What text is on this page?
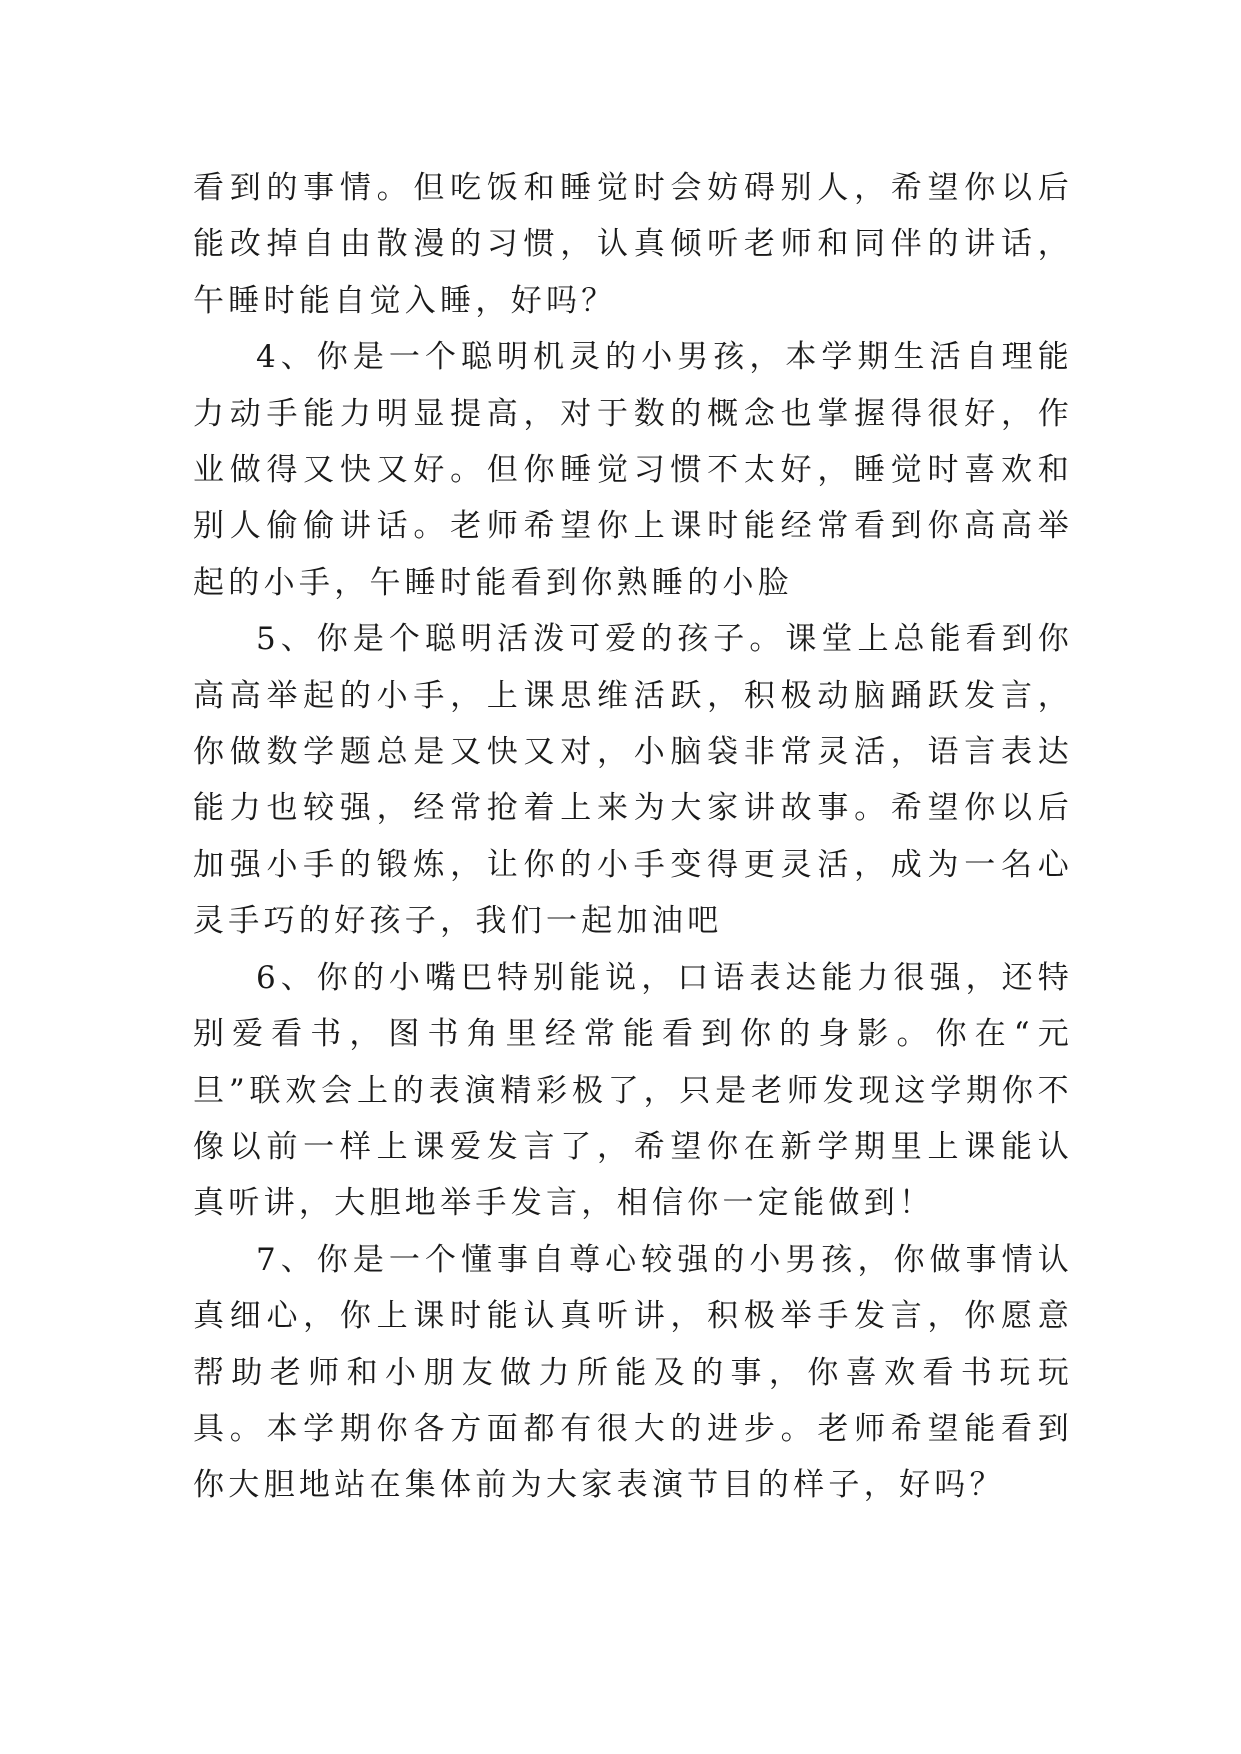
看到的事情。但吃饭和睡觉时会妨碍别人，希望你以后能改掉自由散漫的习惯，认真倾听老师和同伴的讲话，午睡时能自觉入睡，好吗？

4、你是一个聪明机灵的小男孩，本学期生活自理能力动手能力明显提高，对于数的概念也掌握得很好，作业做得又快又好。但你睡觉习惯不太好，睡觉时喜欢和别人偷偷讲话。老师希望你上课时能经常看到你高高举起的小手，午睡时能看到你熟睡的小脸

5、你是个聪明活泼可爱的孩子。课堂上总能看到你高高举起的小手，上课思维活跃，积极动脑踊跃发言，你做数学题总是又快又对，小脑袋非常灵活，语言表达能力也较强，经常抢着上来为大家讲故事。希望你以后加强小手的锻炼，让你的小手变得更灵活，成为一名心灵手巧的好孩子，我们一起加油吧

6、你的小嘴巴特别能说，口语表达能力很强，还特别爱看书，图书角里经常能看到你的身影。你在“元旦”联欢会上的表演精彩极了，只是老师发现这学期你不像以前一样上课爱发言了，希望你在新学期里上课能认真听讲，大胆地举手发言，相信你一定能做到！

7、你是一个懂事自尊心较强的小男孩，你做事情认真细心，你上课时能认真听讲，积极举手发言，你愿意帮助老师和小朋友做力所能及的事，你喜欢看书玩玩具。本学期你各方面都有很大的进步。老师希望能看到你大胆地站在集体前为大家表演节目的样子，好吗？
